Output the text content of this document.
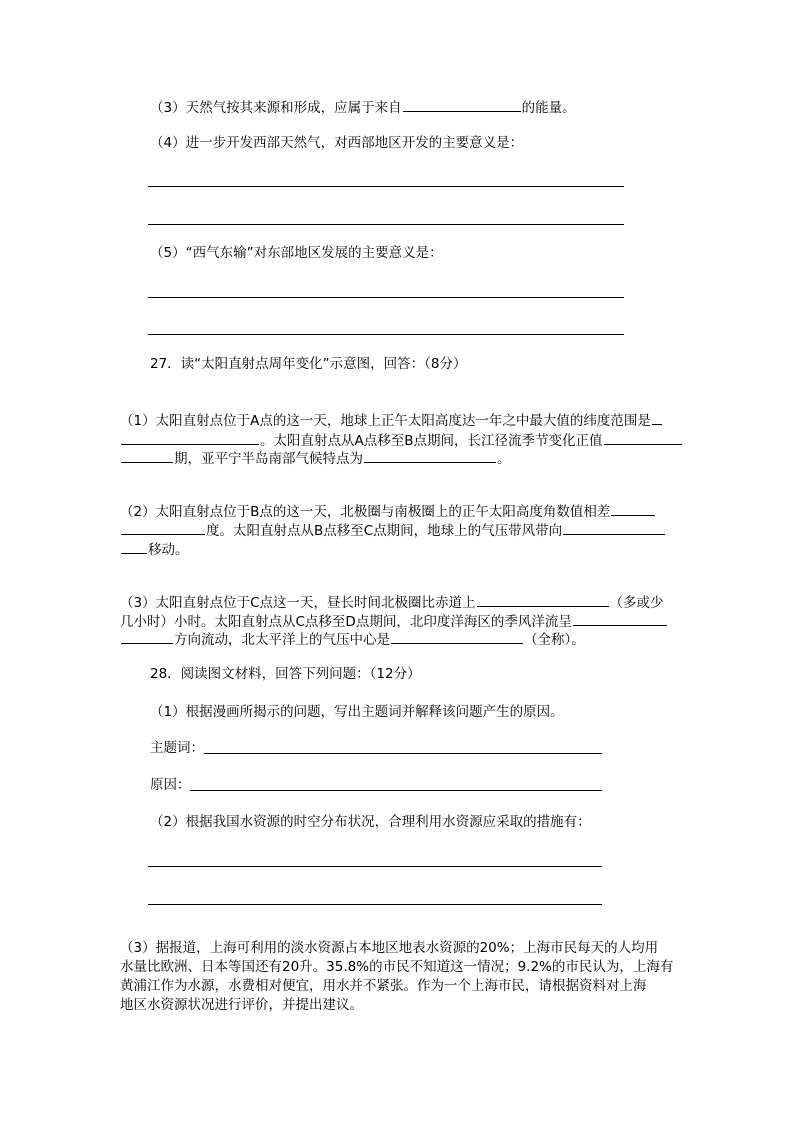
（3）天然气按其来源和形成，应属于来自	的能量。
（4）进一步开发西部天然气，对西部地区开发的主要意义是：
（5）“西气东输”对东部地区发展的主要意义是：
27．读“太阳直射点周年变化”示意图，回答：（8分）
（1）太阳直射点位于A点的这一天，地球上正午太阳高度达一年之中最大值的纬度范围是
。太阳直射点从A点移至B点期间，长江径流季节变化正值
期，亚平宁半岛南部气候特点为	。
（2）太阳直射点位于B点的这一天，北极圈与南极圈上的正午太阳高度角数值相差
度。太阳直射点从B点移至C点期间，地球上的气压带风带向
移动。
（3）太阳直射点位于C点这一天，昼长时间北极圈比赤道上	（多或少
几小时）小时。太阳直射点从C点移至D点期间，北印度洋海区的季风洋流呈
方向流动，北太平洋上的气压中心是	（全称）。
28．阅读图文材料，回答下列问题：（12分）
（1）根据漫画所揭示的问题，写出主题词并解释该问题产生的原因。
主题词：
原因：
（2）根据我国水资源的时空分布状况，合理利用水资源应采取的措施有：
（3）据报道，上海可利用的淡水资源占本地区地表水资源的20%；上海市民每天的人均用
水量比欧洲、日本等国还有20升。35.8%的市民不知道这一情况；9.2%的市民认为，上海有
黄浦江作为水源，水费相对便宜，用水并不紧张。作为一个上海市民，请根据资料对上海
地区水资源状况进行评价，并提出建议。
